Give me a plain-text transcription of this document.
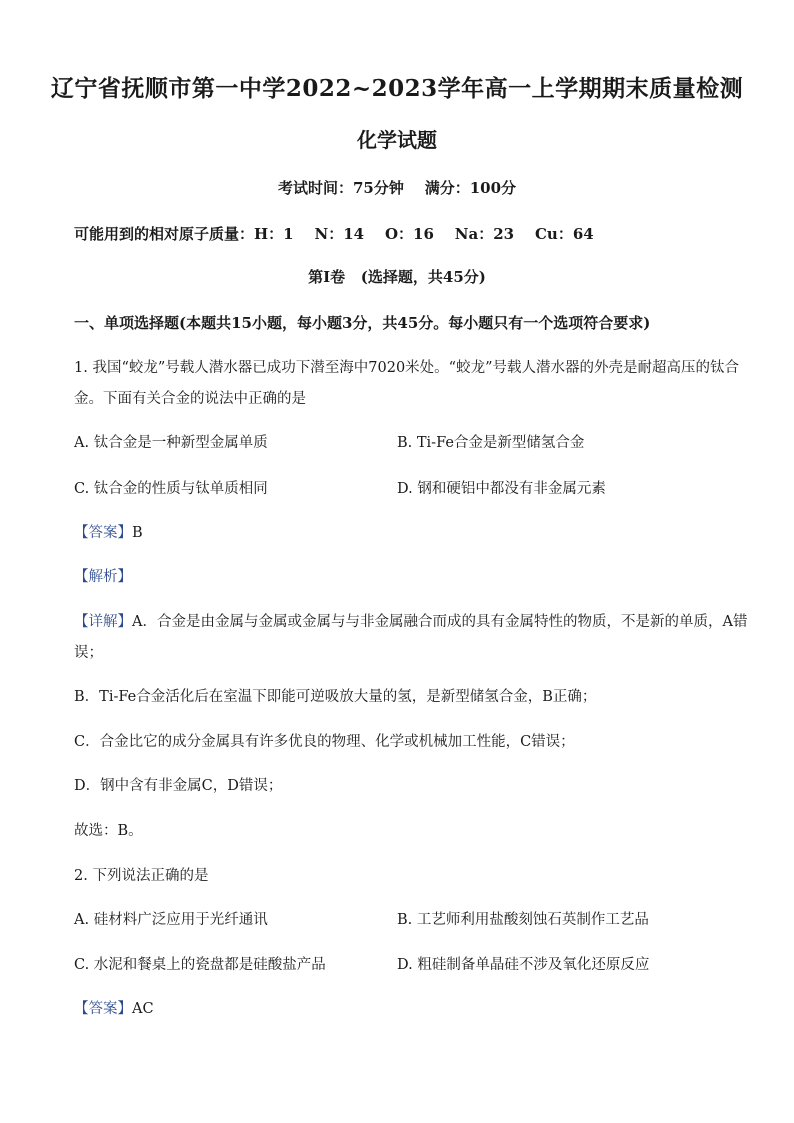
辽宁省抚顺市第一中学2022~2023学年高一上学期期末质量检测
化学试题
考试时间：75分钟    满分：100分
可能用到的相对原子质量：H：1    N：14    O：16    Na：23    Cu：64
第Ⅰ卷   (选择题，共45分)
一、单项选择题(本题共15小题，每小题3分，共45分。每小题只有一个选项符合要求)
1. 我国“蛟龙”号载人潜水器已成功下潜至海中7020米处。“蛟龙”号载人潜水器的外壳是耐超高压的钛合
金。下面有关合金的说法中正确的是
A. 钛合金是一种新型金属单质	B. Ti-Fe合金是新型储氢合金
C. 钛合金的性质与钛单质相同	D. 钢和硬铝中都没有非金属元素
【答案】B
【解析】
【详解】A．合金是由金属与金属或金属与与非金属融合而成的具有金属特性的物质，不是新的单质，A错
误；
B．Ti-Fe合金活化后在室温下即能可逆吸放大量的氢，是新型储氢合金，B正确；
C．合金比它的成分金属具有许多优良的物理、化学或机械加工性能，C错误；
D．钢中含有非金属C，D错误；
故选：B。
2. 下列说法正确的是
A. 硅材料广泛应用于光纤通讯	B. 工艺师利用盐酸刻蚀石英制作工艺品
C. 水泥和餐桌上的瓷盘都是硅酸盐产品	D. 粗硅制备单晶硅不涉及氧化还原反应
【答案】AC
